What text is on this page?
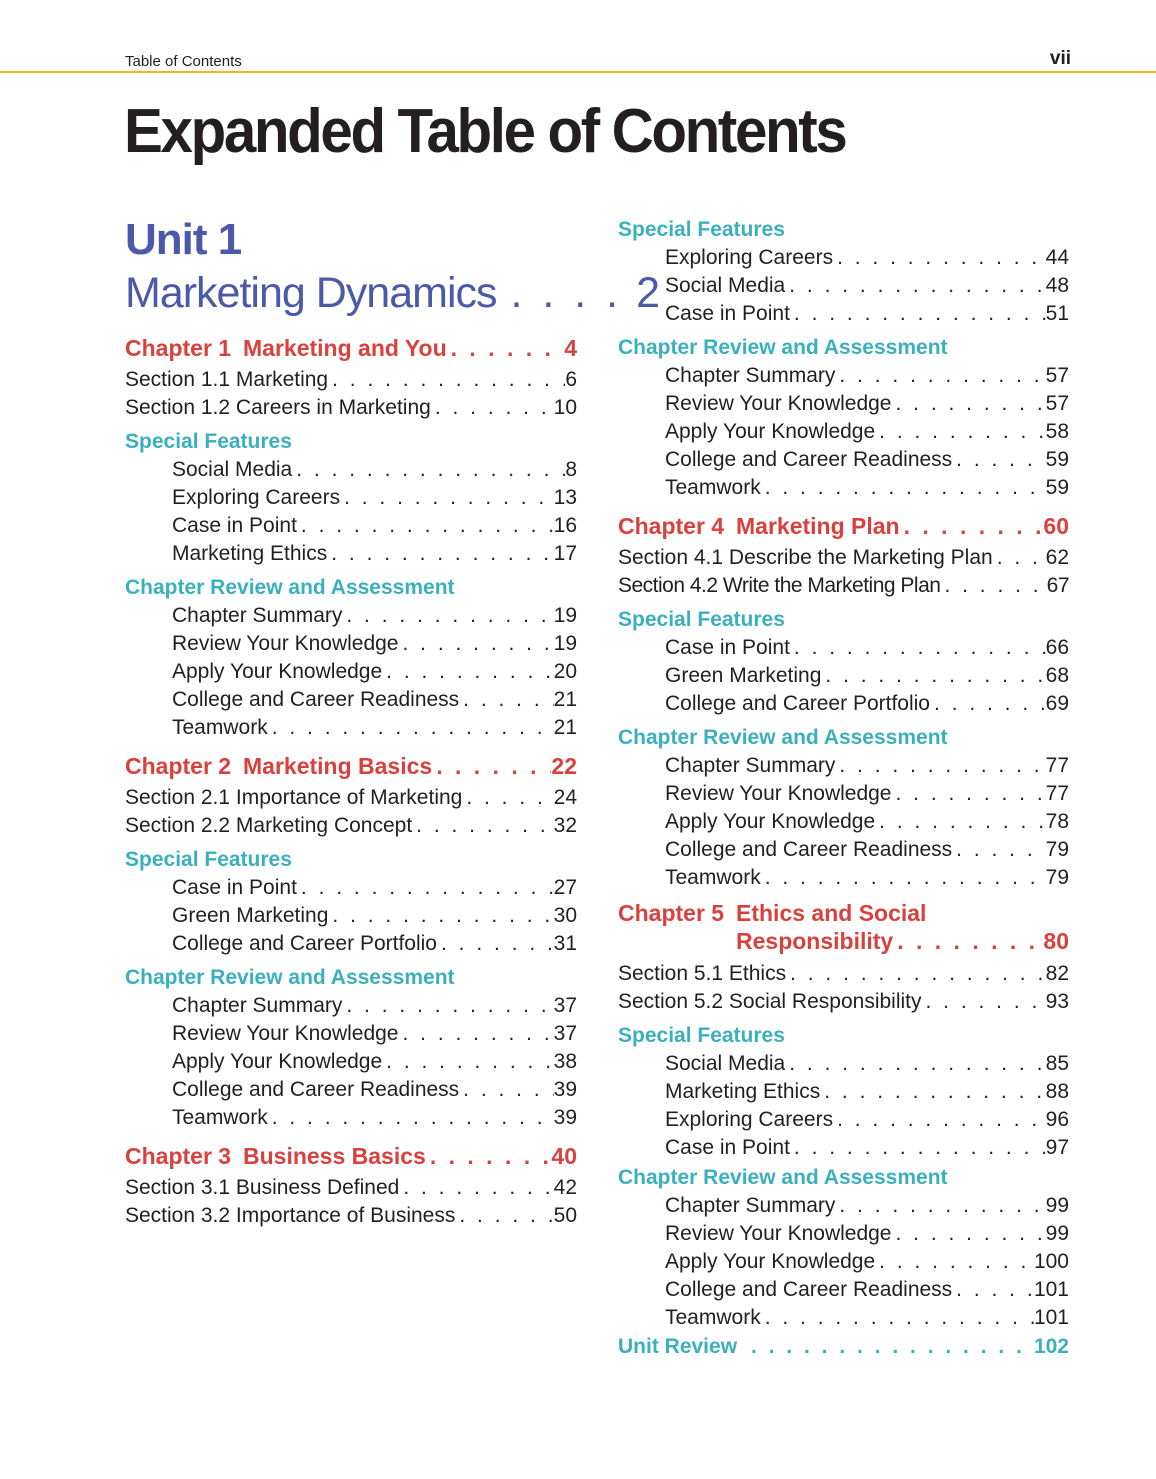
Table of Contents	vii
Expanded Table of Contents
Unit 1
Marketing Dynamics . . . . 2
Chapter 1 Marketing and You . . .	4
Section 1.1 Marketing . . .	6
Section 1.2 Careers in Marketing . . .	10
Special Features
Social Media . . .	8
Exploring Careers . . .	13
Case in Point . . .	16
Marketing Ethics . . .	17
Chapter Review and Assessment
Chapter Summary . . .	19
Review Your Knowledge . . .	19
Apply Your Knowledge . . .	20
College and Career Readiness . . .	21
Teamwork . . .	21
Chapter 2 Marketing Basics . . .	22
Section 2.1 Importance of Marketing . . .	24
Section 2.2 Marketing Concept . . .	32
Special Features
Case in Point . . .	27
Green Marketing . . .	30
College and Career Portfolio . . .	31
Chapter Review and Assessment
Chapter Summary . . .	37
Review Your Knowledge . . .	37
Apply Your Knowledge . . .	38
College and Career Readiness . . .	39
Teamwork . . .	39
Chapter 3 Business Basics . . .	40
Section 3.1 Business Defined . . .	42
Section 3.2 Importance of Business . . .	50
Special Features
Exploring Careers . . .	44
Social Media . . .	48
Case in Point . . .	51
Chapter Review and Assessment
Chapter Summary . . .	57
Review Your Knowledge . . .	57
Apply Your Knowledge . . .	58
College and Career Readiness . . .	59
Teamwork . . .	59
Chapter 4 Marketing Plan . . .	60
Section 4.1 Describe the Marketing Plan . . .	62
Section 4.2 Write the Marketing Plan . . .	67
Special Features
Case in Point . . .	66
Green Marketing . . .	68
College and Career Portfolio . . .	69
Chapter Review and Assessment
Chapter Summary . . .	77
Review Your Knowledge . . .	77
Apply Your Knowledge . . .	78
College and Career Readiness . . .	79
Teamwork . . .	79
Chapter 5 Ethics and Social
Responsibility . . .	80
Section 5.1 Ethics . . .	82
Section 5.2 Social Responsibility . . .	93
Special Features
Social Media . . .	85
Marketing Ethics . . .	88
Exploring Careers . . .	96
Case in Point . . .	97
Chapter Review and Assessment
Chapter Summary . . .	99
Review Your Knowledge . . .	99
Apply Your Knowledge . . .	100
College and Career Readiness . . .	101
Teamwork . . .	101
Unit Review . . .	102
